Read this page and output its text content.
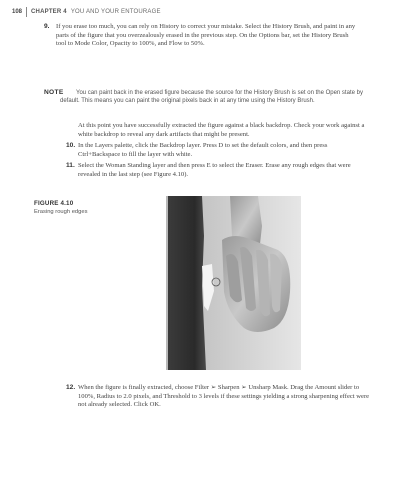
108 CHAPTER 4 YOU AND YOUR ENTOURAGE
9. If you erase too much, you can rely on History to correct your mistake. Select the History Brush, and paint in any parts of the figure that you overzealously erased in the previous step. On the Options bar, set the History Brush tool to Mode Color, Opacity to 100%, and Flow to 50%.
NOTE	You can paint back in the erased figure because the source for the History Brush is set on the Open state by default. This means you can paint the original pixels back in at any time using the History Brush.
At this point you have successfully extracted the figure against a black backdrop. Check your work against a white backdrop to reveal any dark artifacts that might be present.
10. In the Layers palette, click the Backdrop layer. Press D to set the default colors, and then press Ctrl+Backspace to fill the layer with white.
11. Select the Woman Standing layer and then press E to select the Eraser. Erase any rough edges that were revealed in the last step (see Figure 4.10).
FIGURE 4.10
Erasing rough edges
12. When the figure is finally extracted, choose Filter ➢ Sharpen ➢ Unsharp Mask. Drag the Amount slider to 100%, Radius to 2.0 pixels, and Threshold to 3 levels if these settings yielding a strong sharpening effect were not already selected. Click OK.
